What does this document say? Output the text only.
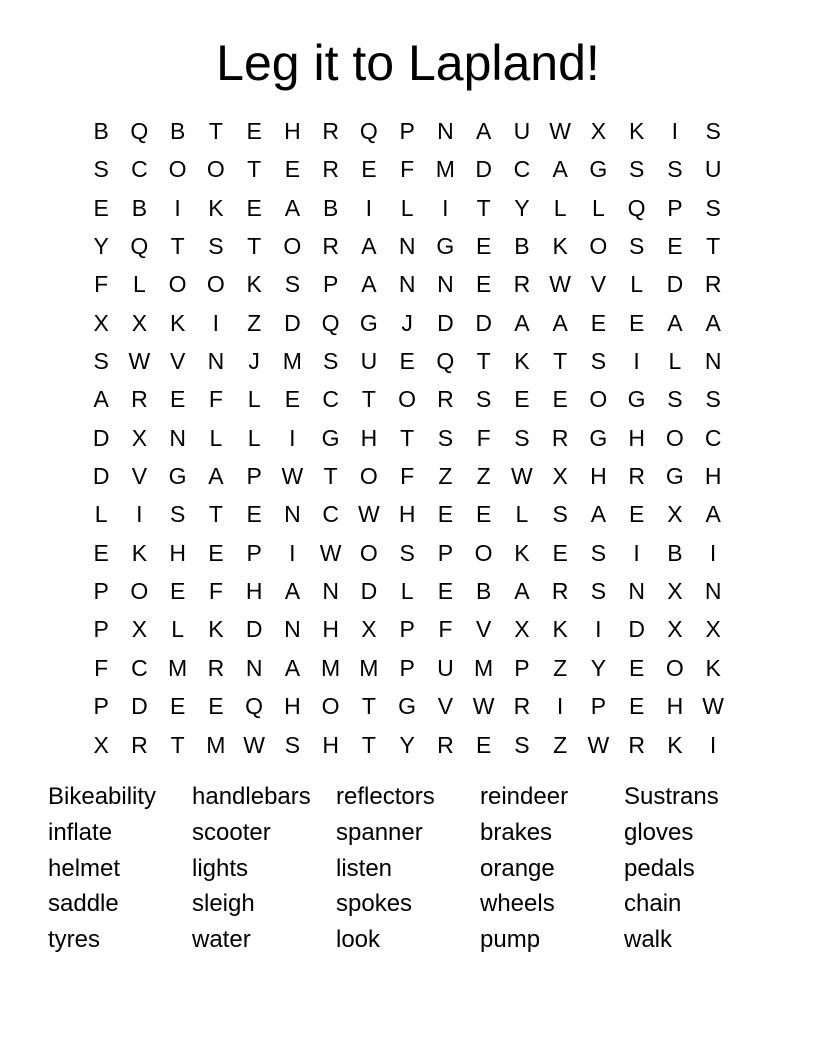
Leg it to Lapland!
B Q B	T	E H R Q P N A U W X K	I	S
S C O O T	E R E	F M D C A G S S U
E B	I	K E A B	I	L	I	T	Y	L	L Q P S
Y Q T	S	T O R A N G E B K O S E	T
F	L O O K S P A N N E R W V	L	D R
X X K	I	Z D Q G	J	D D A A E E A A
S W V N	J M S U E Q T	K	T	S	I	L	N
A R E	F	L	E C T O R S E E O G S S
D X N	L	L	I	G H T	S	F	S R G H O C
D V G A P W T O F	Z	Z W X H R G H
L	I	S	T	E N C W H E E	L	S A E X A
E K H E P	I	W O S P O K E S	I	B	I
P O E	F H A N D	L	E B A R S N X N
P X	L	K D N H X P	F	V X K	I	D X X
F C M R N A M M P U M P	Z	Y E O K
P D E E Q H O T G V W R	I	P E H W
X R T M W S H T	Y R E S	Z W R K	I
Bikeability	handlebars	reflectors	reindeer	Sustrans
inflate	scooter	spanner	brakes	gloves
helmet	lights	listen	orange	pedals
saddle	sleigh	spokes	wheels	chain
tyres	water	look	pump	walk
